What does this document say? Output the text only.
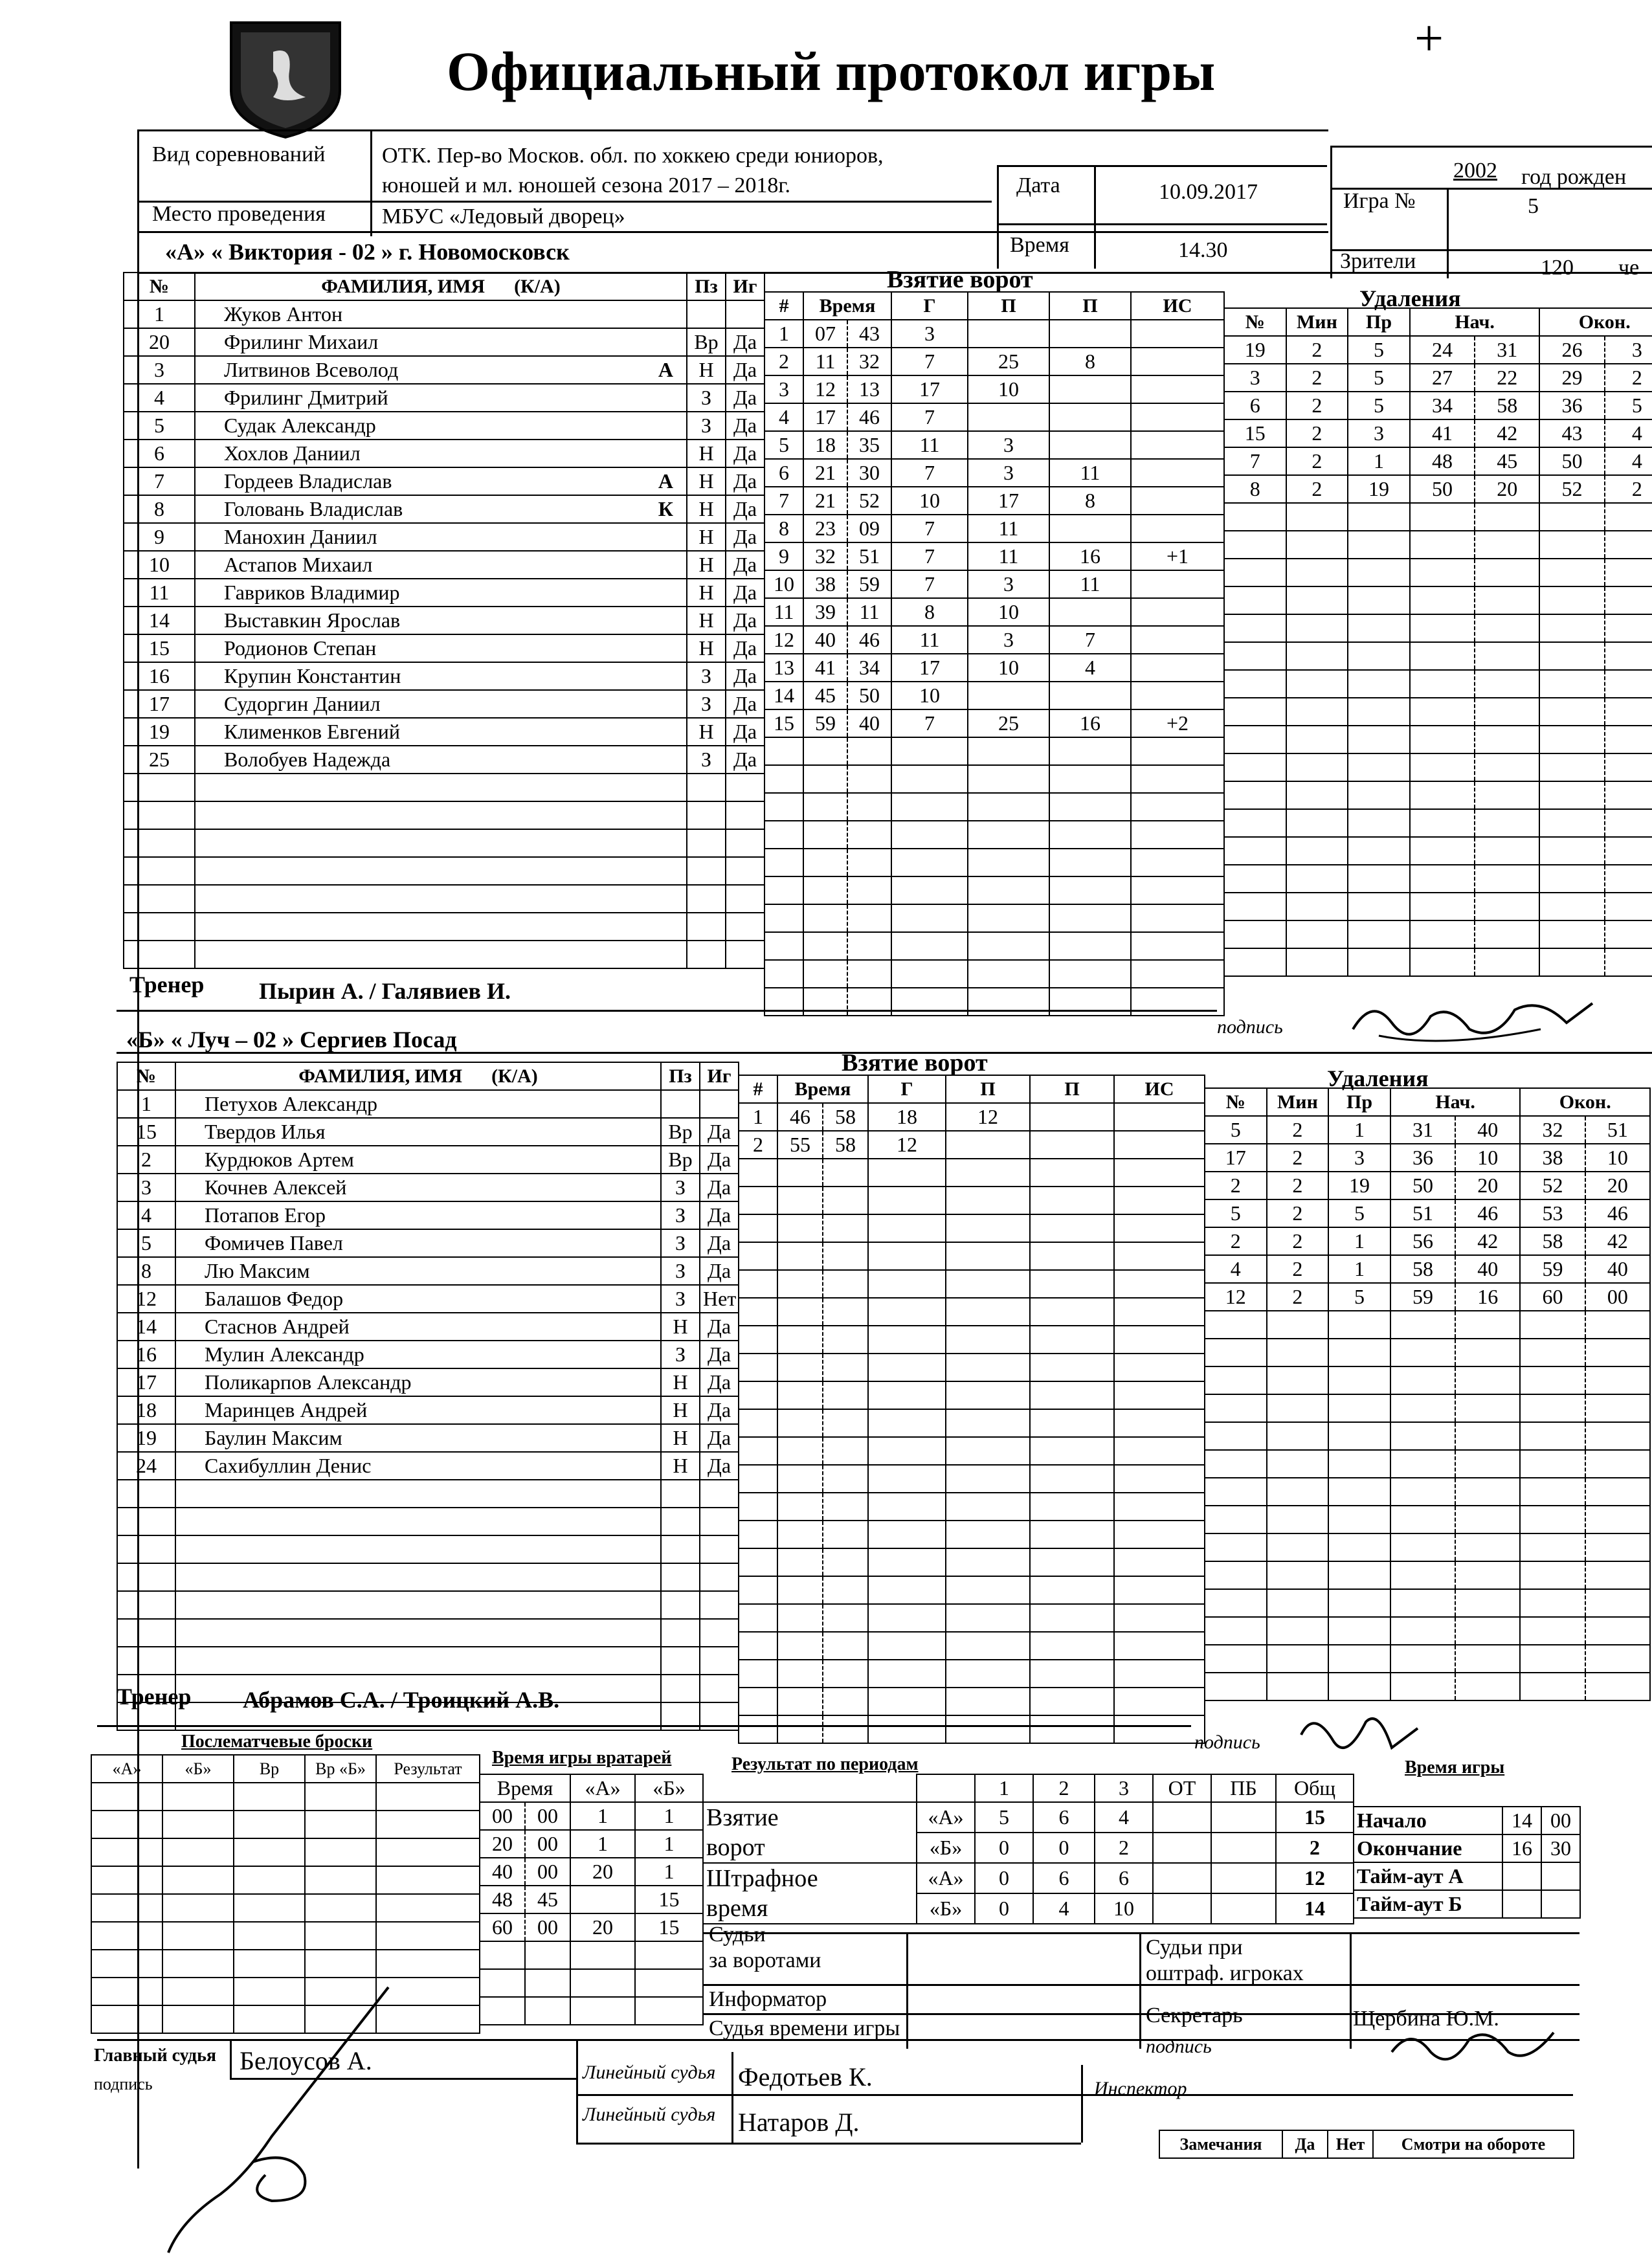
Официальный протокол игры
+
Вид соревнований	ОТК. Пер-во Москов. обл. по хоккею среди юниоров,
юношей и мл. юношей сезона 2017 – 2018г.
Место проведения	МБУС «Ледовый дворец»
Дата	10.09.2017
Время	14.30
2002 год рожден
Игра №	5
Зрители	120 че
«А» « Виктория - 02 » г. Новомосковск
№	ФАМИЛИЯ, ИМЯ (К/А)	Пз	Иг
1	Жуков Антон

20	Фрилинг Михаил	Вр	Да
3	Литвинов Всеволод А	Н	Да
4	Фрилинг Дмитрий	З	Да
5	Судак Александр	З	Да
6	Хохлов Даниил	Н	Да
7	Гордеев Владислав А	Н	Да
8	Головань Владислав К	Н	Да
9	Манохин Даниил	Н	Да
10	Астапов Михаил	Н	Да
11	Гавриков Владимир	Н	Да
14	Выставкин Ярослав	Н	Да
15	Родионов Степан	Н	Да
16	Крупин Константин	З	Да
17	Судоргин Даниил	З	Да
19	Клименков Евгений	Н	Да
25	Волобуев Надежда	З	Да

Взятие ворот
#	Время		Г	П	П	ИС
1	07	43	3			
2	11	32	7	25	8	
3	12	13	17	10		
4	17	46	7			
5	18	35	11	3		
6	21	30	7	3	11	
7	21	52	10	17	8	
8	23	09	7	11		
9	32	51	7	11	16	+1
10	38	59	7	3	11	
11	39	11	8	10		
12	40	46	11	3	7	
13	41	34	17	10	4	
14	45	50	10			
15	59	40	7	25	16	+2

Удаления
№	Мин	Пр	Нач.		Окон.	
19	2	5	24	31	26	3
3	2	5	27	22	29	2
6	2	5	34	58	36	5
15	2	3	41	42	43	4
7	2	1	48	45	50	4
8	2	19	50	20	52	2

Тренер Пырин А. / Галявиев И.
подпись
«Б» « Луч – 02 » Сергиев Посад
№	ФАМИЛИЯ, ИМЯ (К/А)	Пз	Иг
1	Петухов Александр

15	Твердов Илья	Вр	Да
2	Курдюков Артем	Вр	Да
3	Кочнев Алексей	З	Да
4	Потапов Егор	З	Да
5	Фомичев Павел	З	Да
8	Лю Максим	З	Да
12	Балашов Федор	З	Нет
14	Стаснов Андрей	Н	Да
16	Мулин Александр	З	Да
17	Поликарпов Александр	Н	Да
18	Маринцев Андрей	Н	Да
19	Баулин Максим	Н	Да
24	Сахибуллин Денис	Н	Да

Взятие ворот
#	Время		Г	П	П	ИС
1	46	58	18	12		
2	55	58	12			

Удаления
№	Мин	Пр	Нач.		Окон.	
5	2	1	31	40	32	51
17	2	3	36	10	38	10
2	2	19	50	20	52	20
5	2	5	51	46	53	46
2	2	1	56	42	58	42
4	2	1	58	40	59	40
12	2	5	59	16	60	00

Тренер Абрамов С.А. / Троицкий А.В.
подпись
Послематчевые броски
«А»	«Б»	Вр	Вр «Б»	Результат

Время игры вратарей
Время		«А»	«Б»
00	00	1	1
20	00	1	1
40	00	20	1
48	45		15
60	00	20	15

Результат по периодам
		1	2	3	ОТ	ПБ	Общ
Взятие
ворот	«А»	5	6	4			15
	«Б»	0	0	2			2
Штрафное
время	«А»	0	6	6			12
	«Б»	0	4	10			14
Время игры
Начало	14	00
Окончание	16	30
Тайм-аут А		
Тайм-аут Б		
Судьи
за воротами
Судьи при
оштраф. игроках
Информатор
Секретарь	Щербина Ю.М.
Судья времени игры
подпись
Главный судья Белоусов А.
подпись
Линейный судья Федотьев К.
Линейный судья Натаров Д.
Инспектор
Замечания	Да	Нет	Смотри на обороте
